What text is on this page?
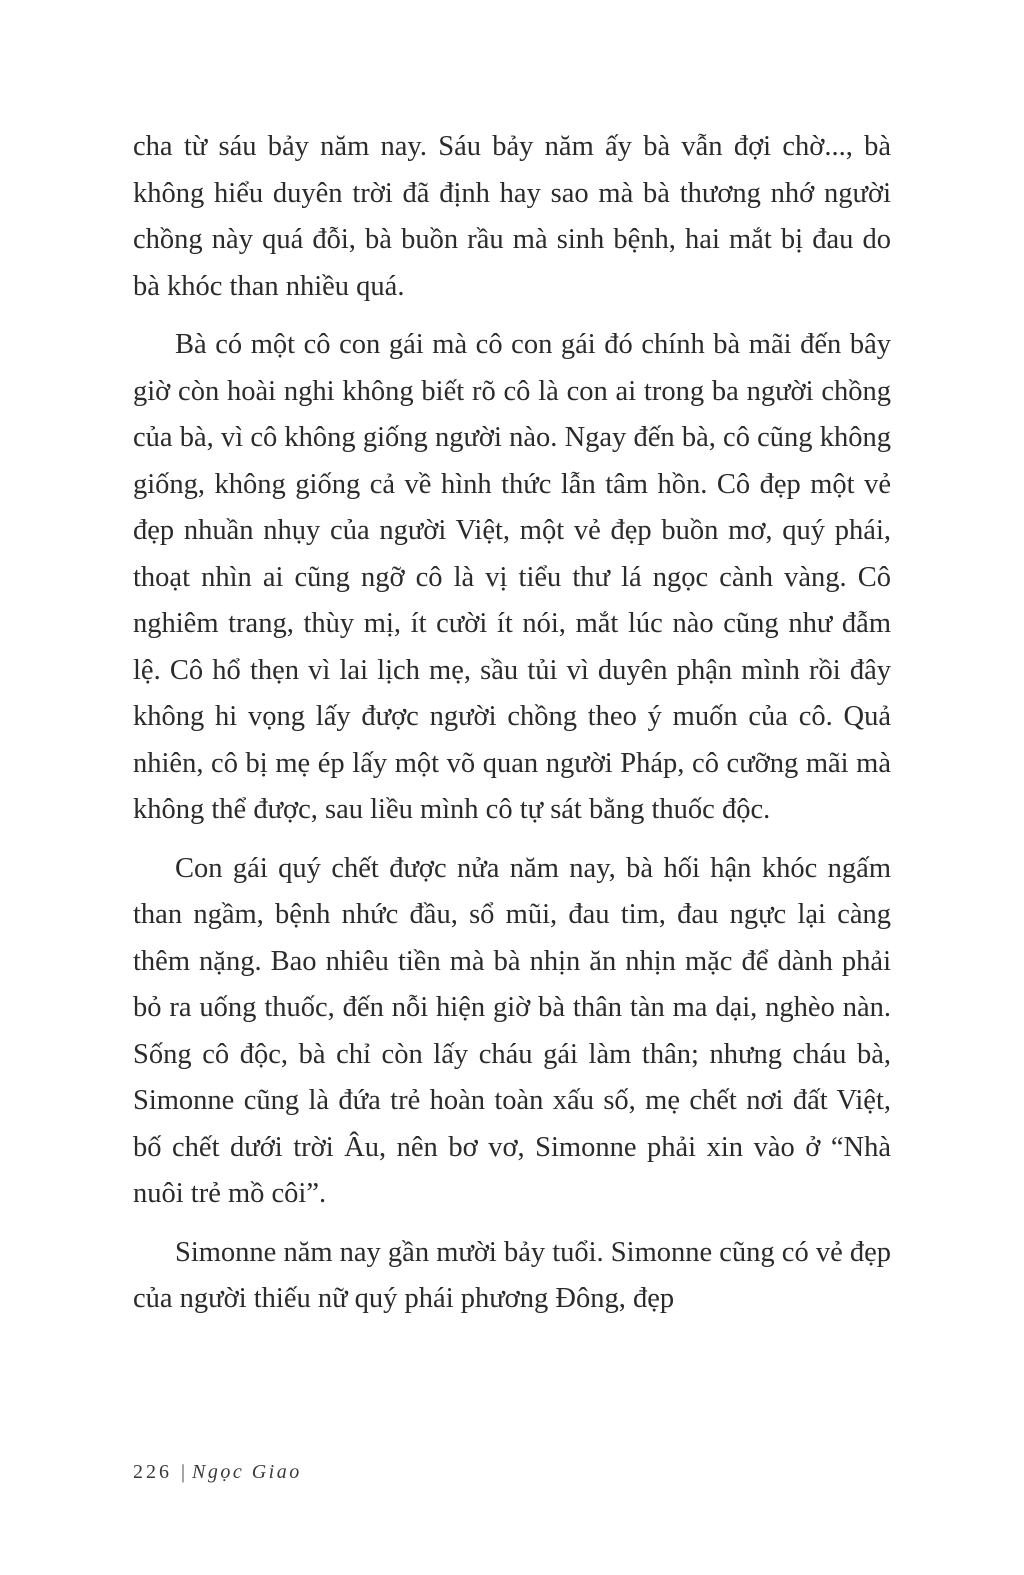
cha từ sáu bảy năm nay. Sáu bảy năm ấy bà vẫn đợi chờ..., bà không hiểu duyên trời đã định hay sao mà bà thương nhớ người chồng này quá đỗi, bà buồn rầu mà sinh bệnh, hai mắt bị đau do bà khóc than nhiều quá.

Bà có một cô con gái mà cô con gái đó chính bà mãi đến bây giờ còn hoài nghi không biết rõ cô là con ai trong ba người chồng của bà, vì cô không giống người nào. Ngay đến bà, cô cũng không giống, không giống cả về hình thức lẫn tâm hồn. Cô đẹp một vẻ đẹp nhuần nhụy của người Việt, một vẻ đẹp buồn mơ, quý phái, thoạt nhìn ai cũng ngỡ cô là vị tiểu thư lá ngọc cành vàng. Cô nghiêm trang, thùy mị, ít cười ít nói, mắt lúc nào cũng như đẫm lệ. Cô hổ thẹn vì lai lịch mẹ, sầu tủi vì duyên phận mình rồi đây không hi vọng lấy được người chồng theo ý muốn của cô. Quả nhiên, cô bị mẹ ép lấy một võ quan người Pháp, cô cưỡng mãi mà không thể được, sau liều mình cô tự sát bằng thuốc độc.

Con gái quý chết được nửa năm nay, bà hối hận khóc ngấm than ngầm, bệnh nhức đầu, sổ mũi, đau tim, đau ngực lại càng thêm nặng. Bao nhiêu tiền mà bà nhịn ăn nhịn mặc để dành phải bỏ ra uống thuốc, đến nỗi hiện giờ bà thân tàn ma dại, nghèo nàn. Sống cô độc, bà chỉ còn lấy cháu gái làm thân; nhưng cháu bà, Simonne cũng là đứa trẻ hoàn toàn xấu số, mẹ chết nơi đất Việt, bố chết dưới trời Âu, nên bơ vơ, Simonne phải xin vào ở “Nhà nuôi trẻ mồ côi”.

Simonne năm nay gần mười bảy tuổi. Simonne cũng có vẻ đẹp của người thiếu nữ quý phái phương Đông, đẹp

226 | Ngọc Giao
